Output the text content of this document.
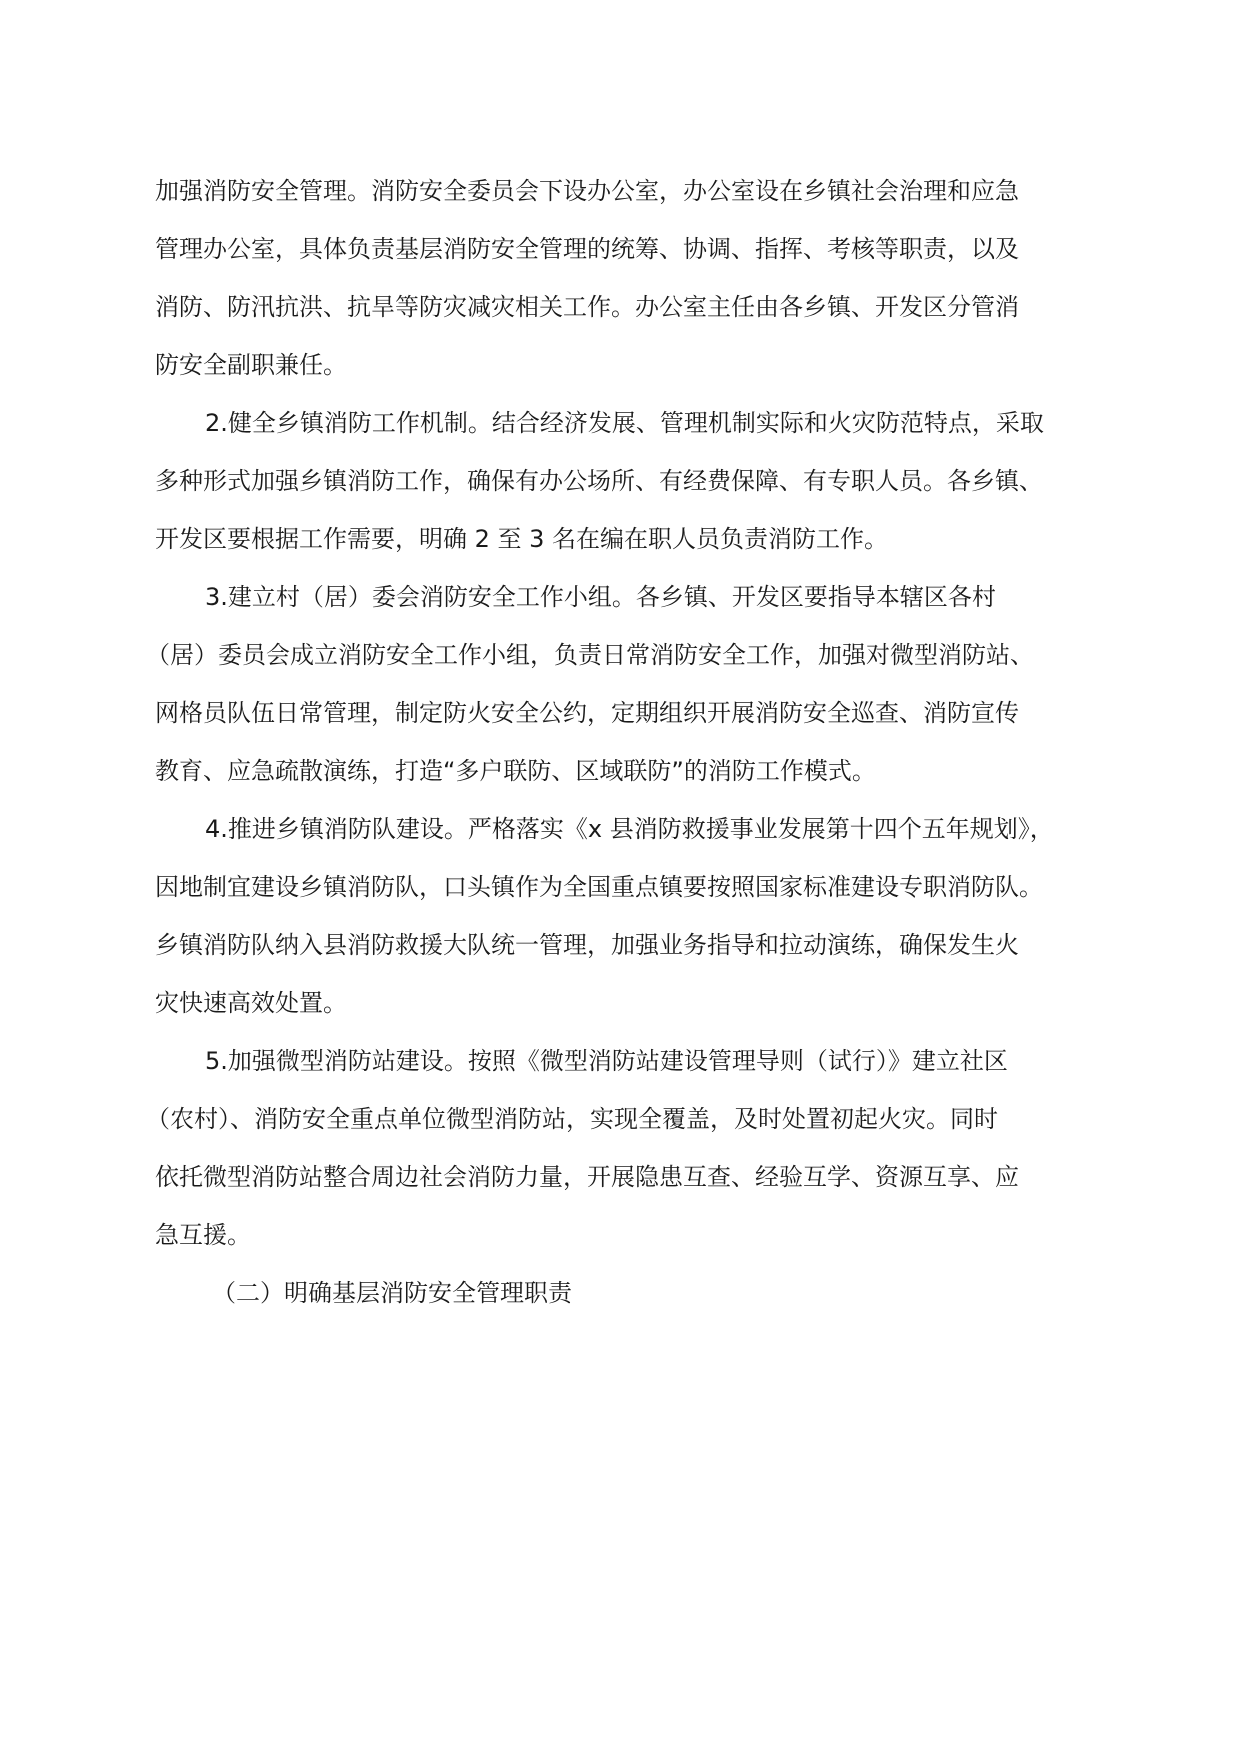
加强消防安全管理。消防安全委员会下设办公室，办公室设在乡镇社会治理和应急
管理办公室，具体负责基层消防安全管理的统筹、协调、指挥、考核等职责，以及
消防、防汛抗洪、抗旱等防灾减灾相关工作。办公室主任由各乡镇、开发区分管消
防安全副职兼任。
2.健全乡镇消防工作机制。结合经济发展、管理机制实际和火灾防范特点，采取
多种形式加强乡镇消防工作，确保有办公场所、有经费保障、有专职人员。各乡镇、
开发区要根据工作需要，明确 2 至 3 名在编在职人员负责消防工作。
3.建立村（居）委会消防安全工作小组。各乡镇、开发区要指导本辖区各村
（居）委员会成立消防安全工作小组，负责日常消防安全工作，加强对微型消防站、
网格员队伍日常管理，制定防火安全公约，定期组织开展消防安全巡查、消防宣传
教育、应急疏散演练，打造“多户联防、区域联防”的消防工作模式。
4.推进乡镇消防队建设。严格落实《x 县消防救援事业发展第十四个五年规划》，
因地制宜建设乡镇消防队，口头镇作为全国重点镇要按照国家标准建设专职消防队。
乡镇消防队纳入县消防救援大队统一管理，加强业务指导和拉动演练，确保发生火
灾快速高效处置。
5.加强微型消防站建设。按照《微型消防站建设管理导则（试行）》建立社区
（农村）、消防安全重点单位微型消防站，实现全覆盖，及时处置初起火灾。同时
依托微型消防站整合周边社会消防力量，开展隐患互查、经验互学、资源互享、应
急互援。
（二）明确基层消防安全管理职责
